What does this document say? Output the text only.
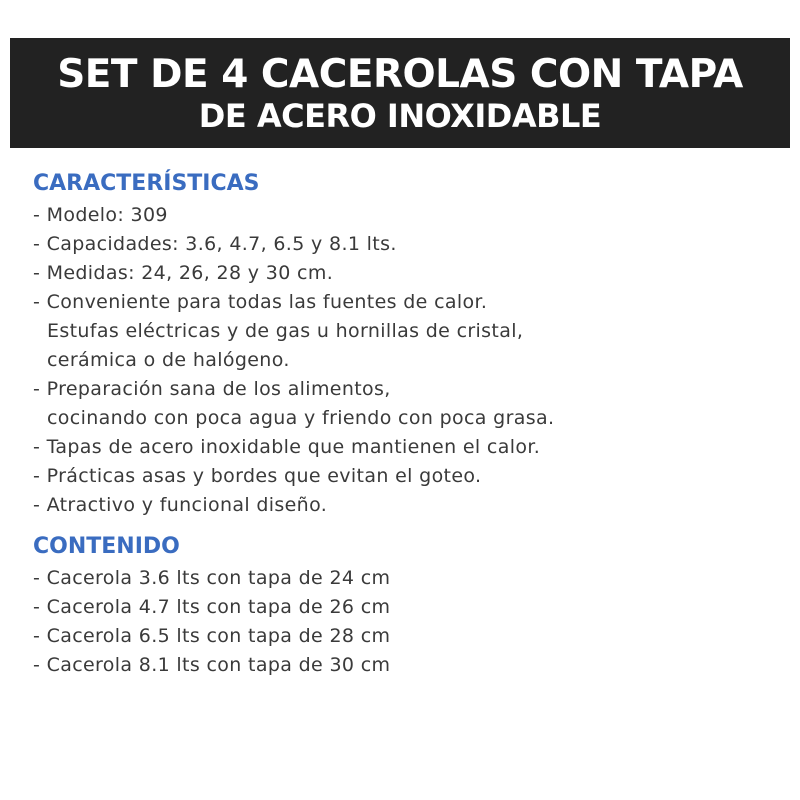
SET DE 4 CACEROLAS CON TAPA
DE ACERO INOXIDABLE
CARACTERÍSTICAS
- Modelo: 309
- Capacidades: 3.6, 4.7, 6.5 y 8.1 lts.
- Medidas: 24, 26, 28 y 30 cm.
- Conveniente para todas las fuentes de calor.
Estufas eléctricas y de gas u hornillas de cristal,
cerámica o de halógeno.
- Preparación sana de los alimentos,
cocinando con poca agua y friendo con poca grasa.
- Tapas de acero inoxidable que mantienen el calor.
- Prácticas asas y bordes que evitan el goteo.
- Atractivo y funcional diseño.
CONTENIDO
- Cacerola 3.6 lts con tapa de 24 cm
- Cacerola 4.7 lts con tapa de 26 cm
- Cacerola 6.5 lts con tapa de 28 cm
- Cacerola 8.1 lts con tapa de 30 cm
